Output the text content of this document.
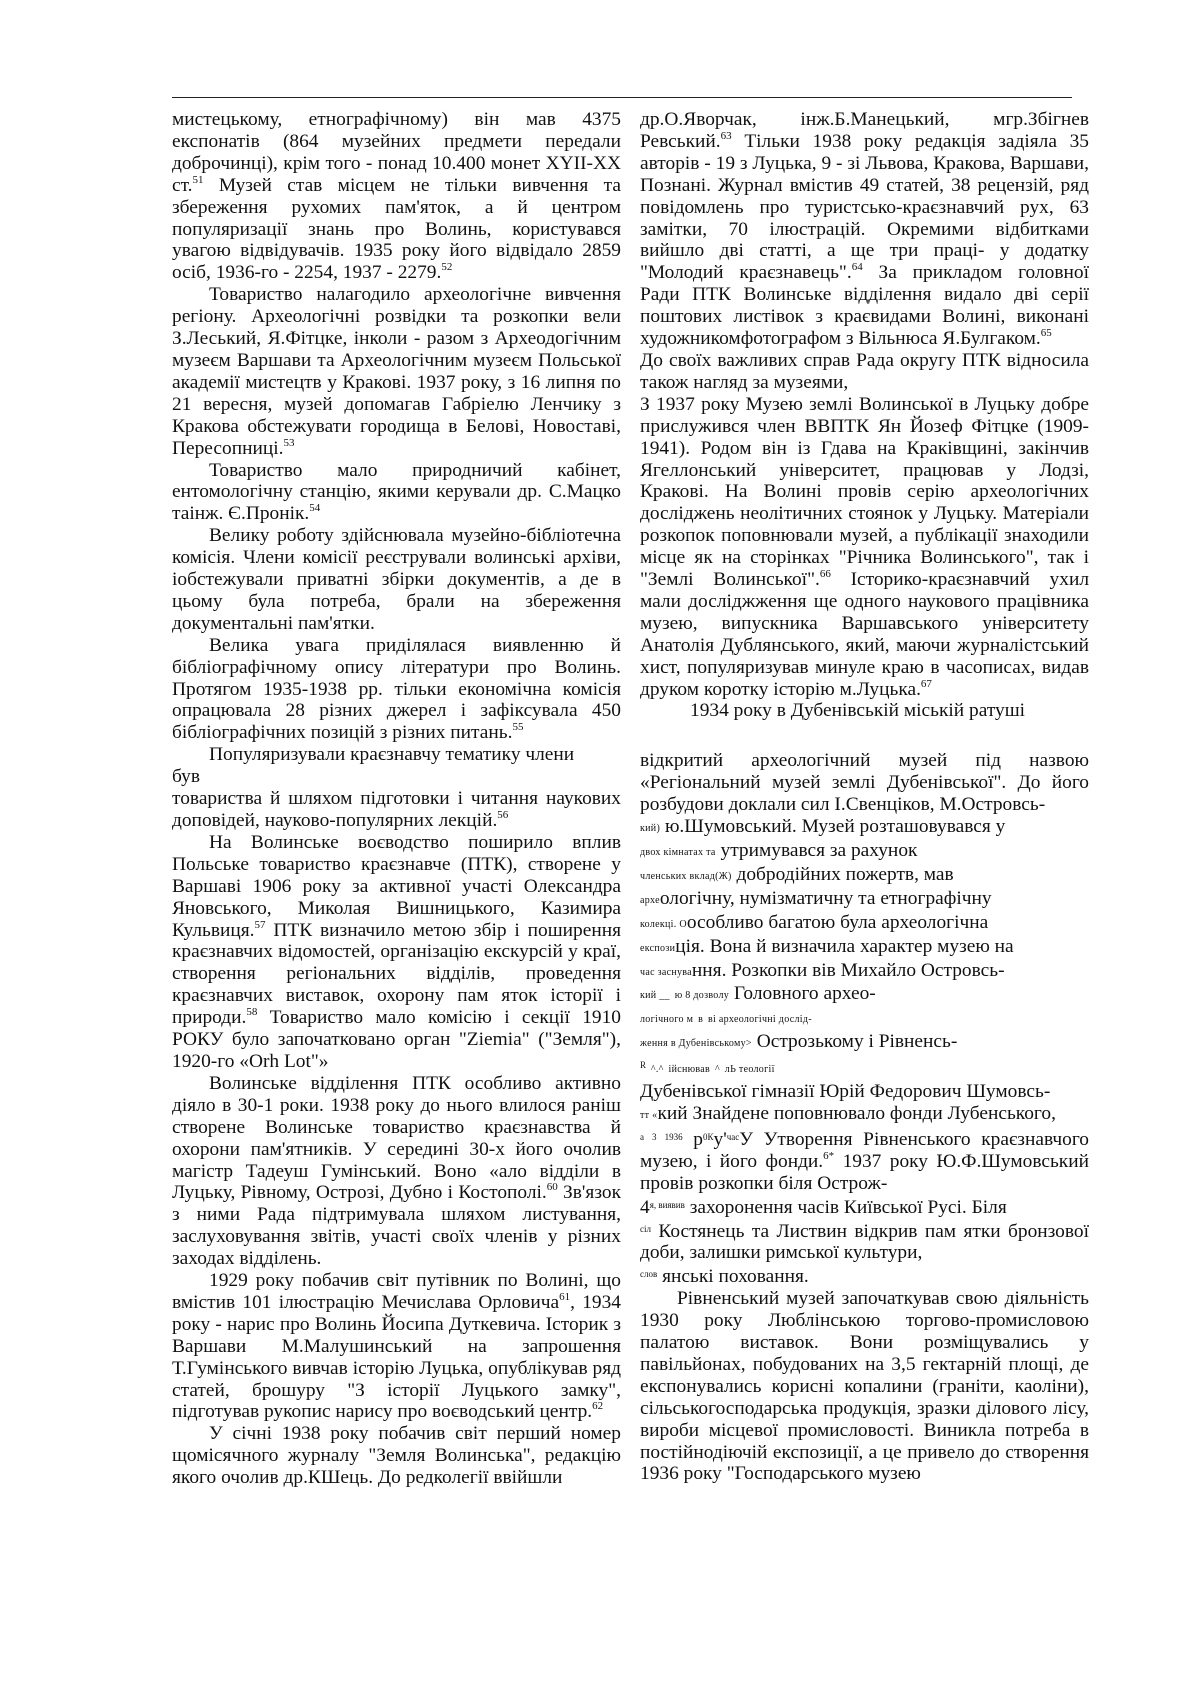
мистецькому, етнографічному) він мав 4375 експонатів (864 музейних предмети передали доброчинці), крім того - понад 10.400 монет XYII-XX ст.$^{51}$ Музей став місцем не тільки вивчення та збереження рухомих пам'яток, а й центром популяризації знань про Волинь, користувався увагою відвідувачів. 1935 року його відвідало 2859 осіб, 1936-го - 2254, 1937 - 2279.52

Товариство налагодило археологічне вивчення регіону. Археологічні розвідки та розкопки вели З.Леський, Я.Фітцке, інколи - разом з Археодогічним музеєм Варшави та Археологічним музеєм Польської академії мистецтв у Кракові. 1937 року, з 16 липня по 21 вересня, музей допомагав Габріелю Ленчику з Кракова обстежувати городища в Белові, Новоставі, Пересопниці.$^{53}$

Товариство мало природничий кабінет, ентомологічну станцію, якими керували др. С.Мацко таінж. Є.Пронік.$^{54}$

Велику роботу здійснювала музейно-бібліотечна комісія. Члени комісії реєстрували волинські архіви, іобстежували приватні збірки документів, а де в цьому була потреба, брали на збереження документальні пам'ятки.

Велика увага приділялася виявленню й бібліографічному опису літератури про Волинь. Протягом 1935-1938 рр. тільки економічна комісія опрацювала 28 різних джерел і зафіксувала 450 бібліографічних позицій з різних питань.$^{55}$

Популяризували краєзнавчу тематику члени
був

товариства й шляхом підготовки і читання наукових доповідей, науково-популярних лекцій.$^{56}$

На Волинське воєводство поширило вплив Польське товариство краєзнавче (ПТК), створене у Варшаві 1906 року за активної участі Олександра Яновського, Миколая Вишницького, Казимира Кульвиця.$^{57}$ ПТК визначило метою збір і поширення краєзнавчих відомостей, організацію екскурсій у краї, створення регіональних відділів, проведення краєзнавчих виставок, охорону пам яток історії і природи.$^{58}$ Товариство мало комісію і секції 1910 РОКУ було започатковано орган "Ziemia" ("Земля"), 1920-го «Orh Lot"»

Волинське відділення ПТК особливо активно діяло в 30-1 роки. 1938 року до нього влилося раніш створене Волинське товариство краєзнавства й охорони пам'ятників. У середині 30-х його очолив магістр Тадеуш Гумінський. Воно «ало відділи в Луцьку, Рівному, Острозі, Дубно і Костополі.$^{60}$ Зв'язок з ними Рада підтримувала шляхом листування, заслуховування звітів, участі своїх членів у різних заходах відділень.

1929 року побачив світ путівник по Волині, що вмістив 101 ілюстрацію Мечислава Орловича$^{61}$, 1934 року - нарис про Волинь Йосипа Дуткевича. Історик з Варшави М.Малушинський на запрошення Т.Гумінського вивчав історію Луцька, опублікував ряд статей, брошуру "З історії Луцького замку", підготував рукопис нарису про воєводський центр.$^{62}$

У січні 1938 року побачив світ перший номер щомісячного журналу "Земля Волинська", редакцію якого очолив др.КШець. До редколегії ввійшли

др.О.Яворчак, інж.Б.Манецький, мгр.Збігнев Ревський.$^{63}$ Тільки 1938 року редакція задіяла 35 авторів - 19 з Луцька, 9 - зі Львова, Кракова, Варшави, Познані. Журнал вмістив 49 статей, 38 рецензій, ряд повідомлень про туристсько-краєзнавчий рух, 63 замітки, 70 ілюстрацій. Окремими відбитками вийшло дві статті, а ще три праці- у додатку "Молодий краєзнавець".$^{64}$ За прикладом головної Ради ПТК Волинське відділення видало дві серії поштових листівок з краєвидами Волині, виконані художникомфотографом з Вільнюса Я.Булгаком.$^{65}$

До своїх важливих справ Рада округу ПТК відносила також нагляд за музеями,

З 1937 року Музею землі Волинської в Луцьку добре прислужився член ВВПТК Ян Йозеф Фітцке (1909-1941). Родом він із Гдава на Краківщині, закінчив Ягеллонський університет, працював у Лодзі, Кракові. На Волині провів серію археологічних досліджень неолітичних стоянок у Луцьку. Матеріали розкопок поповнювали музей, а публікації знаходили місце як на сторінках "Річника Волинського", так і "Землі Волинської".$^{66}$ Історико-краєзнавчий ухил мали досліджження ще одного наукового працівника музею, випускника Варшавського університету Анатолія Дублянського, який, маючи журналістський хист, популяризував минуле краю в часописах, видав друком коротку історію м.Луцька.$^{67}$

1934 року в Дубенівській міській ратуші

відкритий археологічний музей під назвою «Регіональний музей землі Дубенівської". До його розбудови доклали сил І.Свенціков, М.Островсь-
кий) ю.Шумовський. Музей розташовувався у
двох кімнатах та утримувався за рахунок
членських вклад(Ж) добродійних пожертв, мав
археологічну, нумізматичну та етнографічну
колекці. Оособливо багатою була археологічна
експозиція. Вона й визначила характер музею на
час заснування. Розкопки вів Михайло Островсь-
кий __ ю 8 дозволу Головного архео-
логічного м в ві археологічні дослід-
ження в Дубенівському> Острозькому і Рівненсь-
$^R$ ^.^ ійснював ^ лЬ теології
Дубенівської гімназії Юрій Федорович Шумовсь-
тт «кий Знайдене поповнювало фонди Лубенського,
$^{а 3 1936}$ $р^{0К}у'^{час}У$ Утворення Рівненського краєзнавчого музею, і його фонди.$^{6*}$ 1937 року Ю.Ф.Шумовський провів розкопки біля Острож-
$4^{я, виявив}$ захоронення часів Київської Русі. Біля
$^{сіл}$ Костянець та Листвин відкрив пам ятки бронзової доби, залишки римської культури,
$^{слов}$ янські поховання.

Рівненський музей започаткував свою діяльність 1930 року Люблінською торгово-промисловою палатою виставок. Вони розміщувались у павільйонах, побудованих на 3,5 гектарній площі, де експонувались корисні копалини (граніти, каоліни), сільськогосподарська продукція, зразки ділового лісу, вироби місцевої промисловості. Виникла потреба в постійнодіючій експозиції, а це привело до створення 1936 року "Господарського музею
